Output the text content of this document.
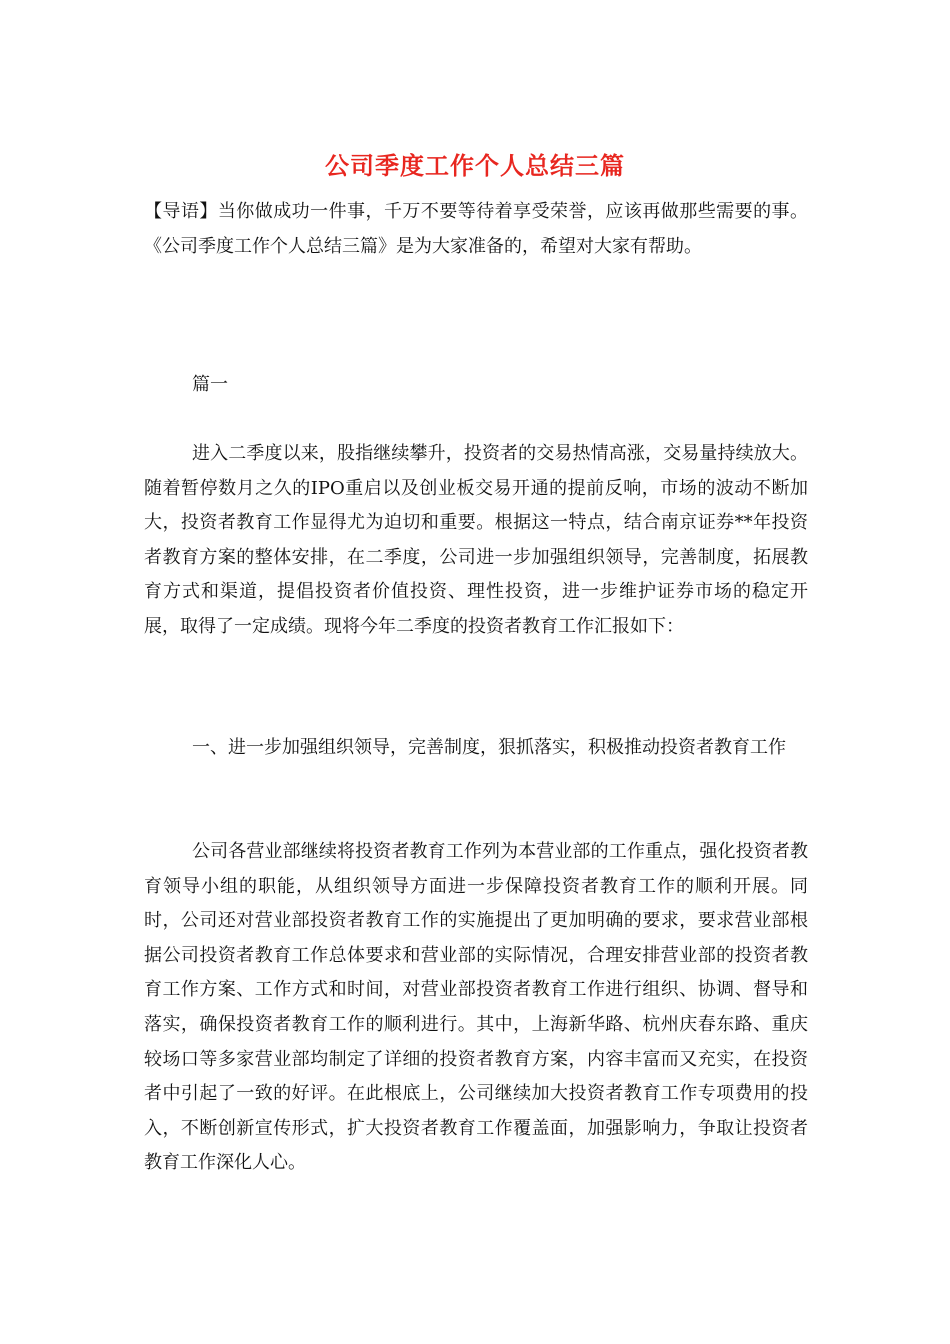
公司季度工作个人总结三篇

【导语】当你做成功一件事，千万不要等待着享受荣誉，应该再做那些需要的事。《公司季度工作个人总结三篇》是为大家准备的，希望对大家有帮助。

篇一

进入二季度以来，股指继续攀升，投资者的交易热情高涨，交易量持续放大。随着暂停数月之久的IPO重启以及创业板交易开通的提前反响，市场的波动不断加大，投资者教育工作显得尤为迫切和重要。根据这一特点，结合南京证券**年投资者教育方案的整体安排，在二季度，公司进一步加强组织领导，完善制度，拓展教育方式和渠道，提倡投资者价值投资、理性投资，进一步维护证券市场的稳定开展，取得了一定成绩。现将今年二季度的投资者教育工作汇报如下：

一、进一步加强组织领导，完善制度，狠抓落实，积极推动投资者教育工作

公司各营业部继续将投资者教育工作列为本营业部的工作重点，强化投资者教育领导小组的职能，从组织领导方面进一步保障投资者教育工作的顺利开展。同时，公司还对营业部投资者教育工作的实施提出了更加明确的要求，要求营业部根据公司投资者教育工作总体要求和营业部的实际情况，合理安排营业部的投资者教育工作方案、工作方式和时间，对营业部投资者教育工作进行组织、协调、督导和落实，确保投资者教育工作的顺利进行。其中，上海新华路、杭州庆春东路、重庆较场口等多家营业部均制定了详细的投资者教育方案，内容丰富而又充实，在投资者中引起了一致的好评。在此根底上，公司继续加大投资者教育工作专项费用的投入，不断创新宣传形式，扩大投资者教育工作覆盖面，加强影响力，争取让投资者教育工作深化人心。
